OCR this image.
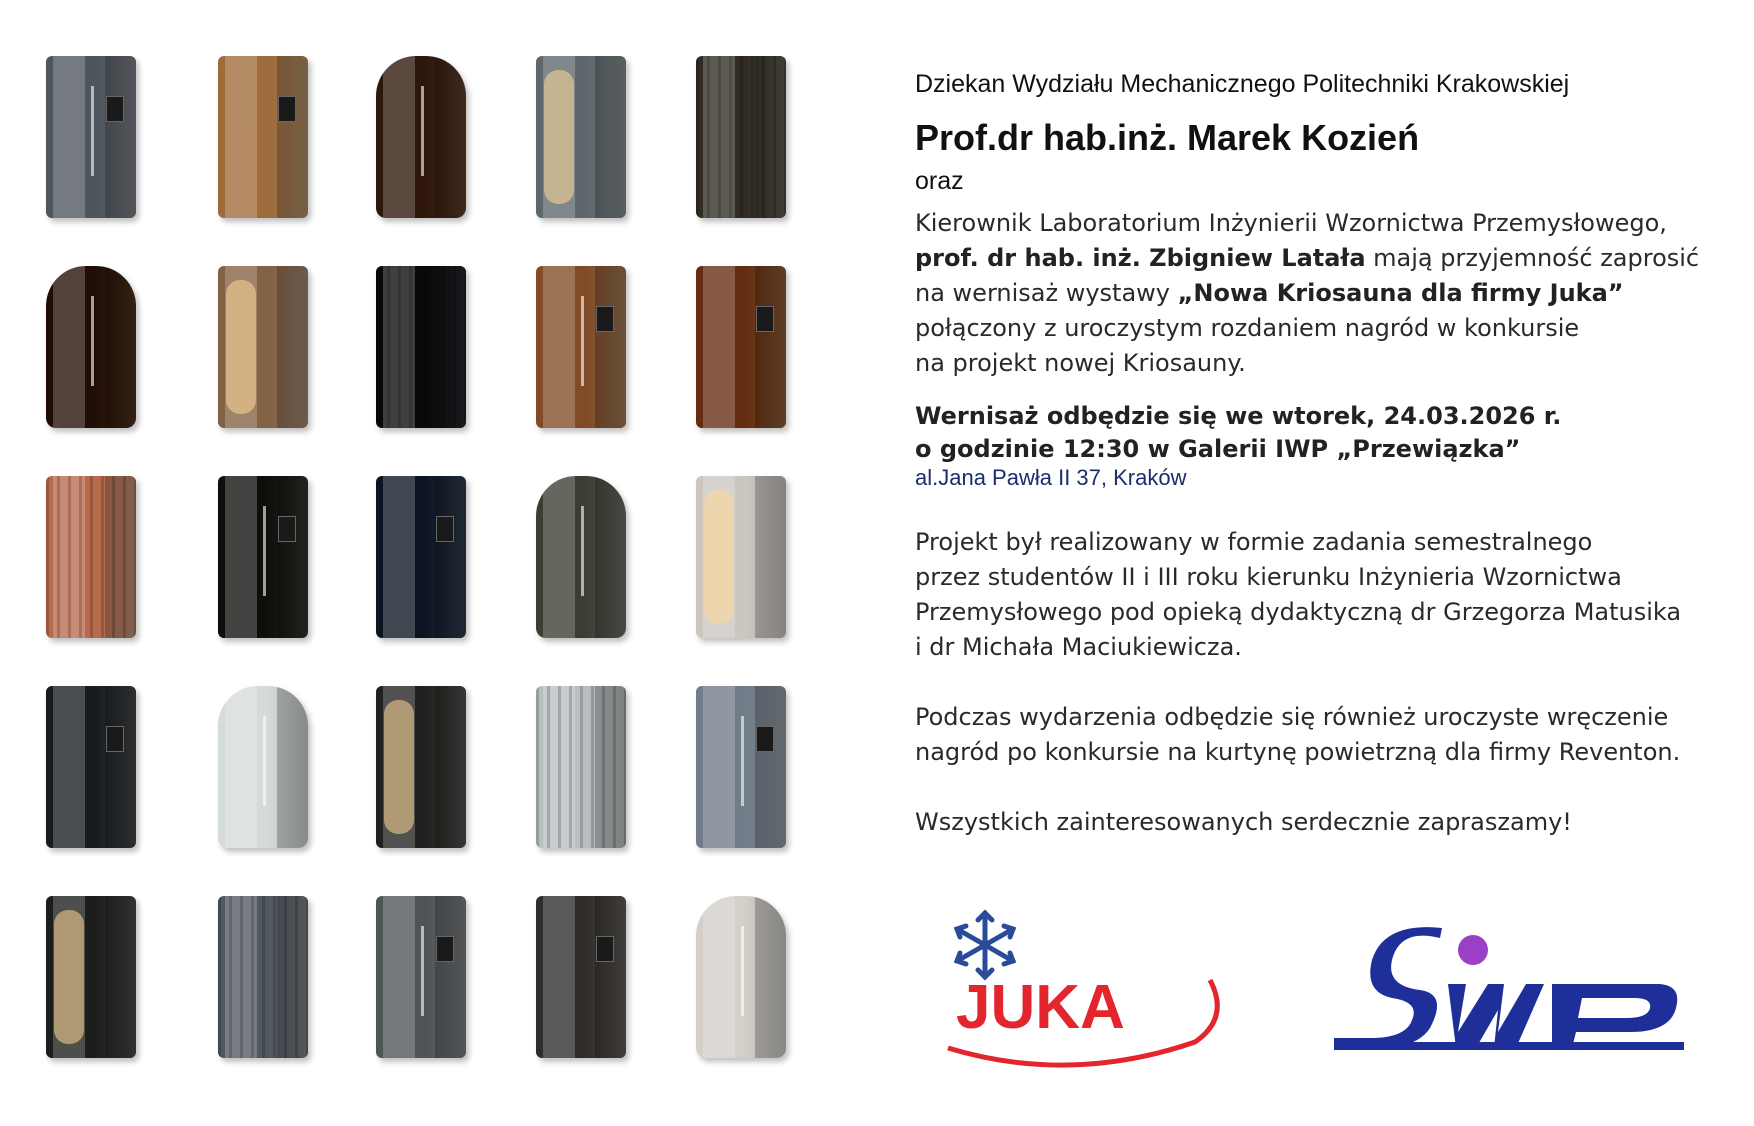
Dziekan Wydziału Mechanicznego Politechniki Krakowskiej
Prof.dr hab.inż. Marek Kozień
oraz

Kierownik Laboratorium Inżynierii Wzornictwa Przemysłowego,

prof. dr hab. inż. Zbigniew Latała mają przyjemność zaprosić

na wernisaż wystawy „Nowa Kriosauna dla firmy Juka”

połączony z uroczystym rozdaniem nagród w konkursie

na projekt nowej Kriosauny.

Wernisaż odbędzie się we wtorek, 24.03.2026 r.

o godzinie 12:30 w Galerii IWP „Przewiązka”

al.Jana Pawła II 37, Kraków

Projekt był realizowany w formie zadania semestralnego

przez studentów II i III roku kierunku Inżynieria Wzornictwa

Przemysłowego pod opieką dydaktyczną dr Grzegorza Matusika

i dr Michała Maciukiewicza.

Podczas wydarzenia odbędzie się również uroczyste wręczenie

nagród po konkursie na kurtynę powietrzną dla firmy Reventon.

Wszystkich zainteresowanych serdecznie zapraszamy!

JUKA
